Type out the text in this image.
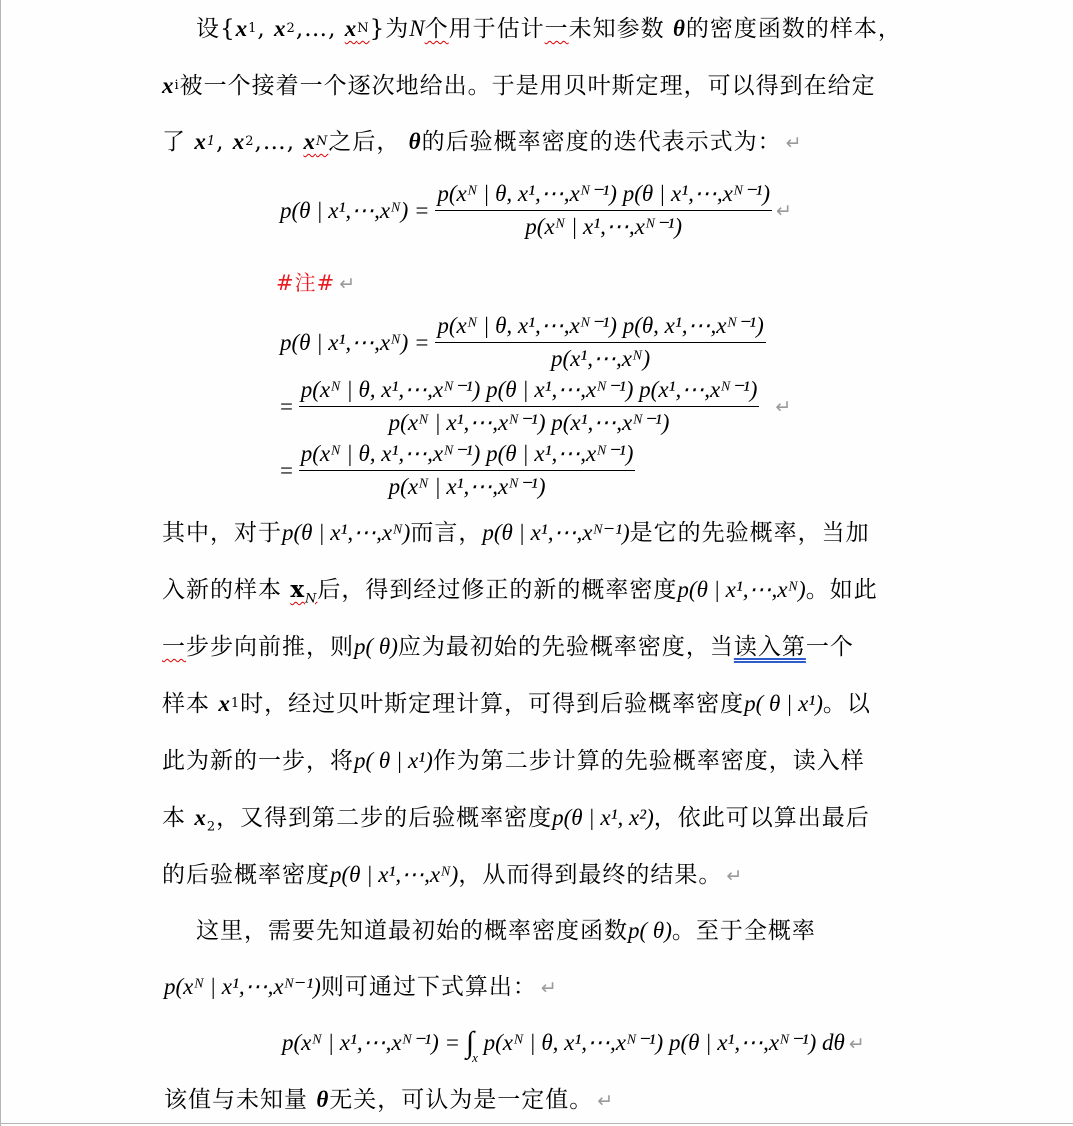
设{$x^1$, $x^2,\dots$, $x^N$}为N个用于估计一未知参数 θ的密度函数的样本，
$x^i$被一个接着一个逐次地给出。于是用贝叶斯定理，可以得到在给定
了 $x^1$, $x^2,\dots$, $x^N$之后， θ的后验概率密度的迭代表示式为： ↵
p(θ | x¹,⋯,xᴺ) =
$\frac{\text{p(xᴺ | θ, x¹,⋯,xᴺ⁻¹) p(θ | x¹,⋯,xᴺ⁻¹)}}{\text{p(xᴺ | x¹,⋯,xᴺ⁻¹)}}$ ↵
#注# ↵
p(θ | x¹,⋯,xᴺ) =
$\frac{\text{p(xᴺ | θ, x¹,⋯,xᴺ⁻¹) p(θ, x¹,⋯,xᴺ⁻¹)}}{\text{p(x¹,⋯,xᴺ)}}$
=
$\frac{\text{p(xᴺ | θ, x¹,⋯,xᴺ⁻¹) p(θ | x¹,⋯,xᴺ⁻¹) p(x¹,⋯,xᴺ⁻¹)}}{\text{p(xᴺ | x¹,⋯,xᴺ⁻¹) p(x¹,⋯,xᴺ⁻¹)}}$ ↵
=
$\frac{\text{p(xᴺ | θ, x¹,⋯,xᴺ⁻¹) p(θ | x¹,⋯,xᴺ⁻¹)}}{\text{p(xᴺ | x¹,⋯,xᴺ⁻¹)}}$
其中，对于p(θ | x¹,⋯,xᴺ)而言，p(θ | x¹,⋯,xᴺ⁻¹)是它的先验概率，当加
入新的样本 $x_N$后，得到经过修正的新的概率密度p(θ | x¹,⋯,xᴺ)。如此
一步步向前推，则p( θ)应为最初始的先验概率密度，当读入第一个
样本 $x^1$时，经过贝叶斯定理计算，可得到后验概率密度p( θ | x¹)。以
此为新的一步，将p( θ | x¹)作为第二步计算的先验概率密度，读入样
本 $x_2$，又得到第二步的后验概率密度p(θ | x¹, x²)，依此可以算出最后
的后验概率密度p(θ | x¹,⋯,xᴺ)，从而得到最终的结果。 ↵
这里，需要先知道最初始的概率密度函数p( θ)。至于全概率
p(xᴺ | x¹,⋯,xᴺ⁻¹)则可通过下式算出： ↵
p(xᴺ | x¹,⋯,xᴺ⁻¹) = $\int_x$ p(xᴺ | θ, x¹,⋯,xᴺ⁻¹) p(θ | x¹,⋯,xᴺ⁻¹) dθ ↵
该值与未知量 θ无关，可认为是一定值。 ↵
